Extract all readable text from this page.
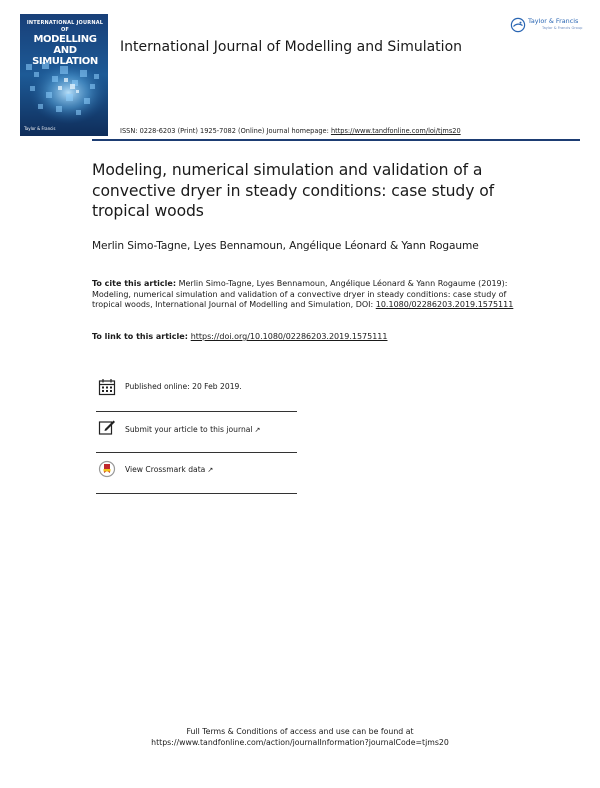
INTERNATIONAL JOURNAL OF
MODELLING AND
SIMULATION
Taylor & Francis
International Journal of Modelling and Simulation
Taylor & Francis
Taylor & Francis Group
ISSN: 0228-6203 (Print) 1925-7082 (Online) Journal homepage: https://www.tandfonline.com/loi/tjms20
Modeling, numerical simulation and validation of a convective dryer in steady conditions: case study of tropical woods
Merlin Simo-Tagne, Lyes Bennamoun, Angélique Léonard & Yann Rogaume
To cite this article: Merlin Simo-Tagne, Lyes Bennamoun, Angélique Léonard & Yann Rogaume (2019): Modeling, numerical simulation and validation of a convective dryer in steady conditions: case study of tropical woods, International Journal of Modelling and Simulation, DOI: 10.1080/02286203.2019.1575111
To link to this article: https://doi.org/10.1080/02286203.2019.1575111
Published online: 20 Feb 2019.
Submit your article to this journal ↗
View Crossmark data ↗
Full Terms & Conditions of access and use can be found at
https://www.tandfonline.com/action/journalInformation?journalCode=tjms20
